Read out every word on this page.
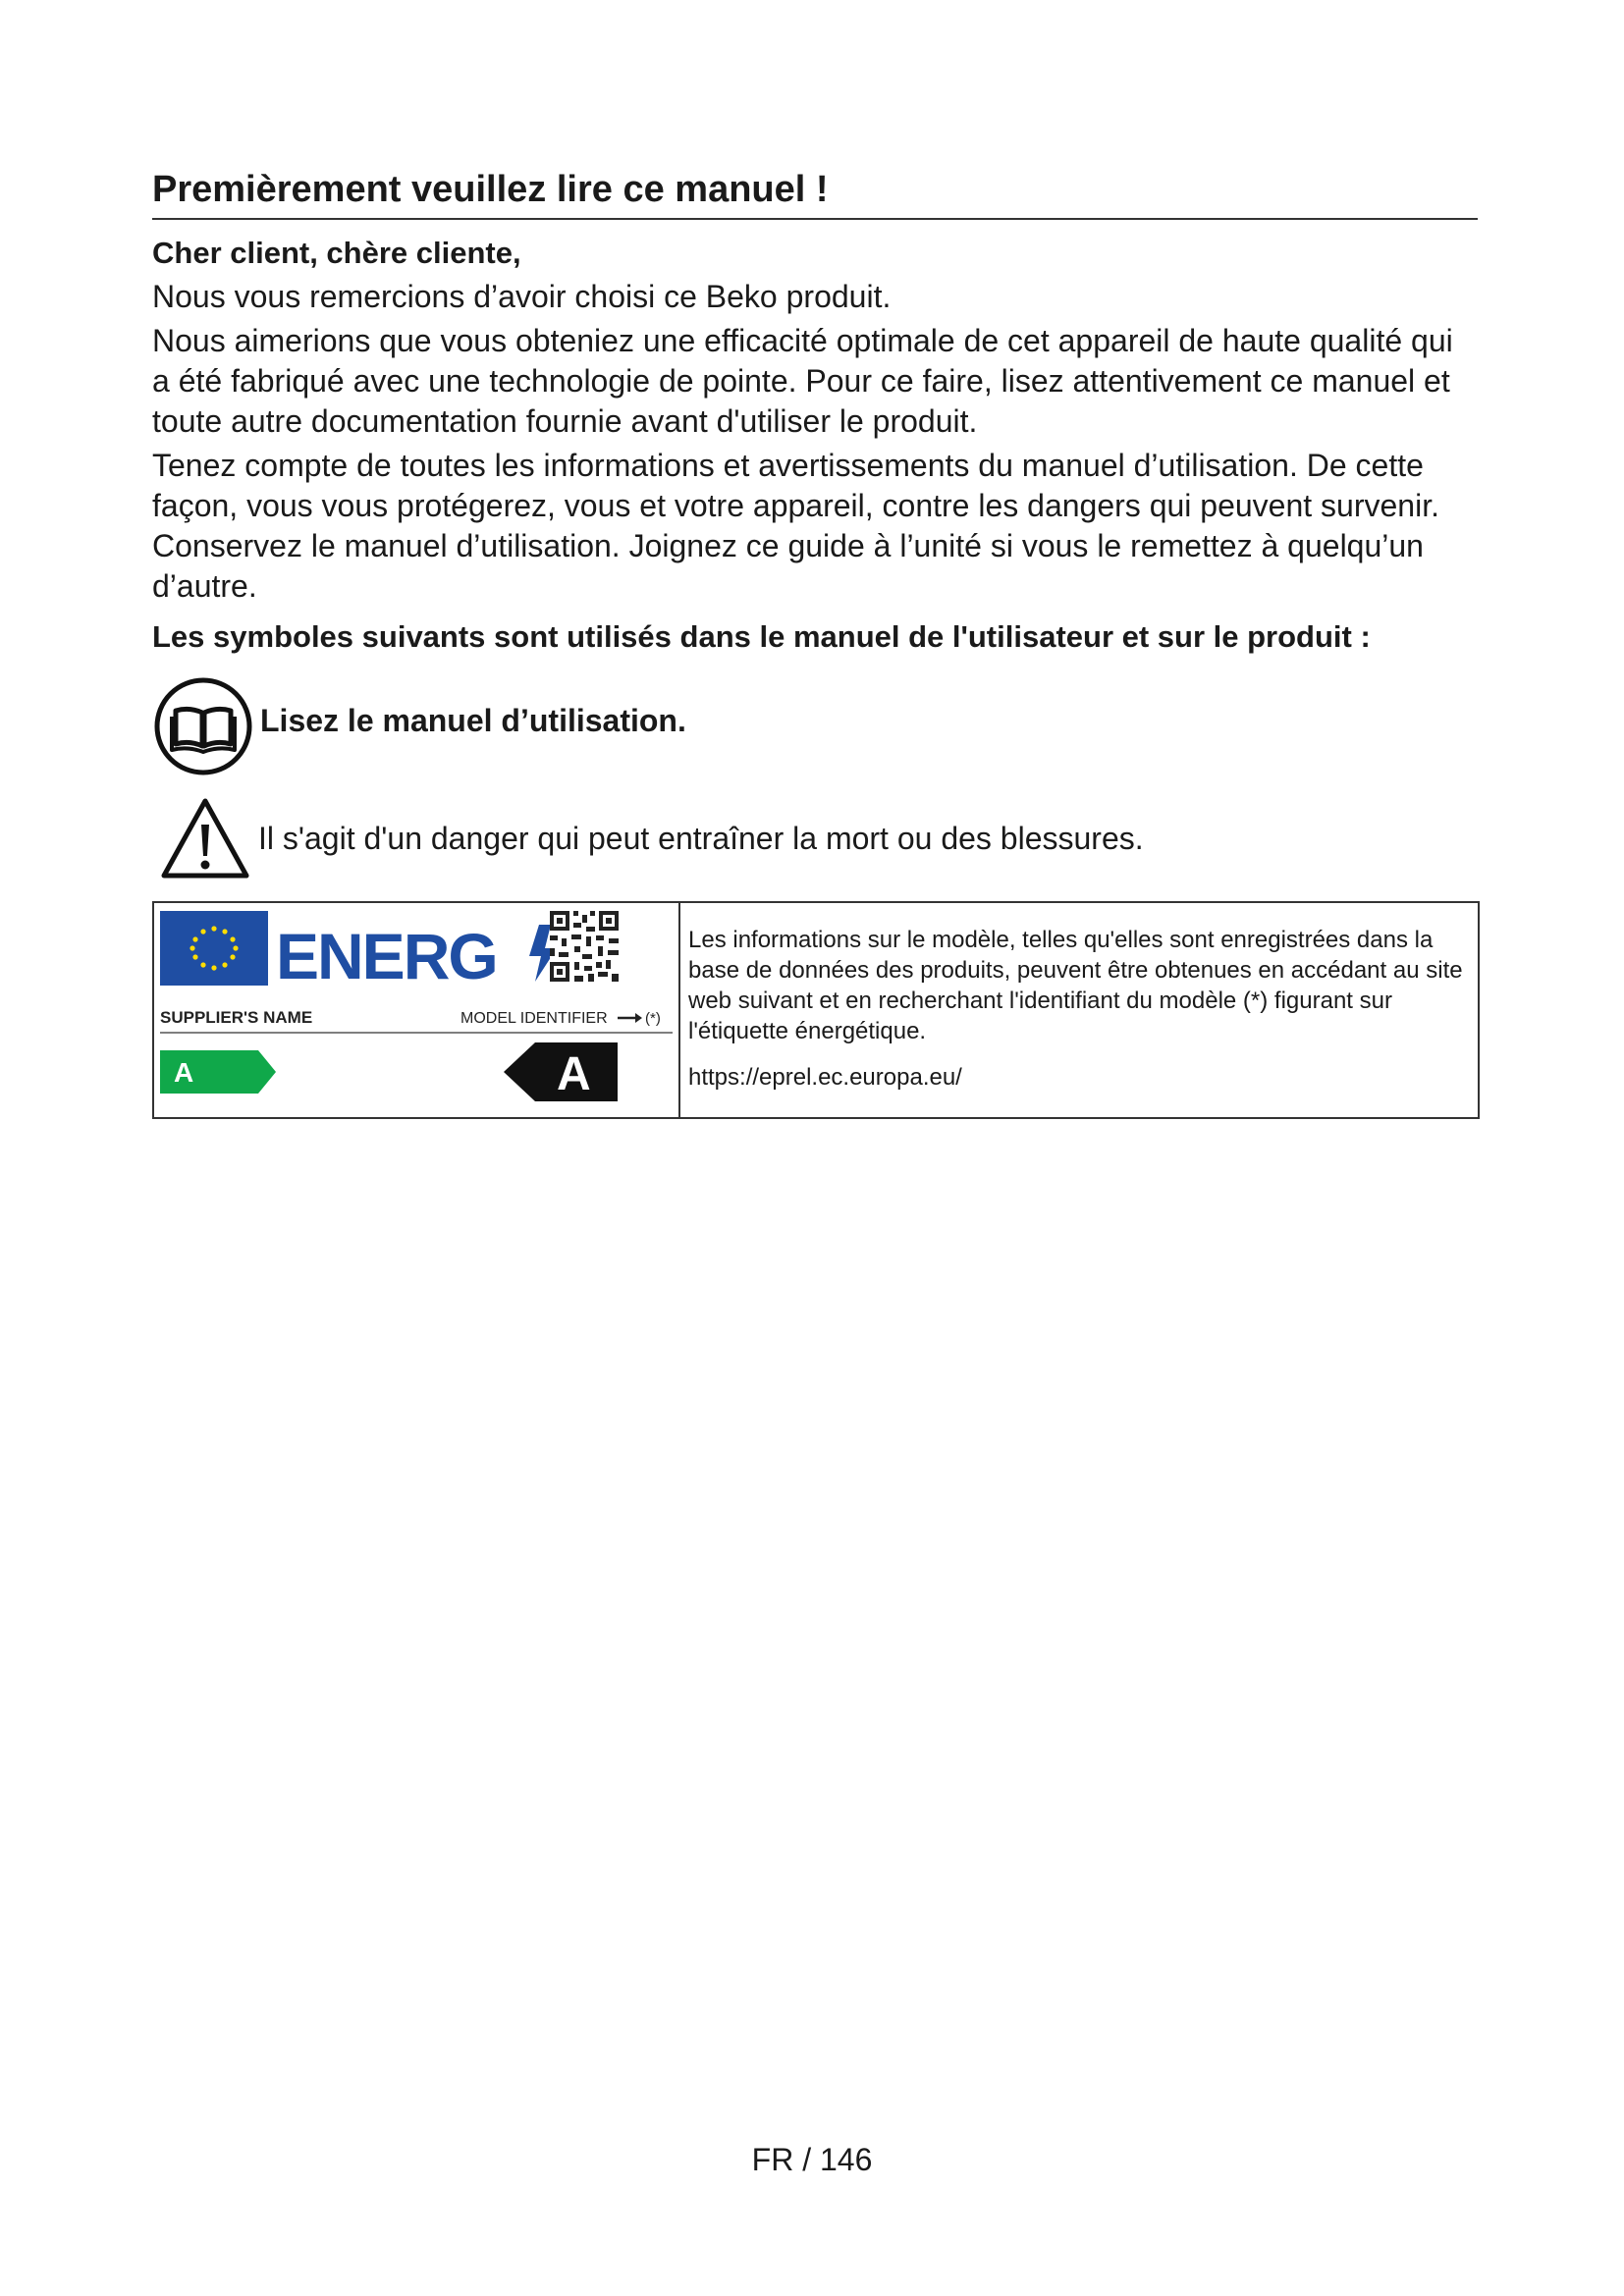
Premièrement veuillez lire ce manuel !
Cher client, chère cliente,

Nous vous remercions d’avoir choisi ce Beko produit.

Nous aimerions que vous obteniez une efficacité optimale de cet appareil de haute qualité qui a été fabriqué avec une technologie de pointe. Pour ce faire, lisez attentivement ce manuel et toute autre documentation fournie avant d'utiliser le produit.

Tenez compte de toutes les informations et avertissements du manuel d’utilisation. De cette façon, vous vous protégerez, vous et votre appareil, contre les dangers qui peuvent survenir. Conservez le manuel d’utilisation. Joignez ce guide à l’unité si vous le remettez à quelqu’un d’autre.

Les symboles suivants sont utilisés dans le manuel de l'utilisateur et sur le produit :
Lisez le manuel d’utilisation.
Il s'agit d'un danger qui peut entraîner la mort ou des blessures.
ENERG
SUPPLIER'S NAME	MODEL IDENTIFIER	(*)
A	A

Les informations sur le modèle, telles qu'elles sont enregistrées dans la base de données des produits, peuvent être obtenues en accédant au site web suivant et en recherchant l'identifiant du modèle (*) figurant sur l'étiquette énergétique.

https://eprel.ec.europa.eu/

FR / 146
